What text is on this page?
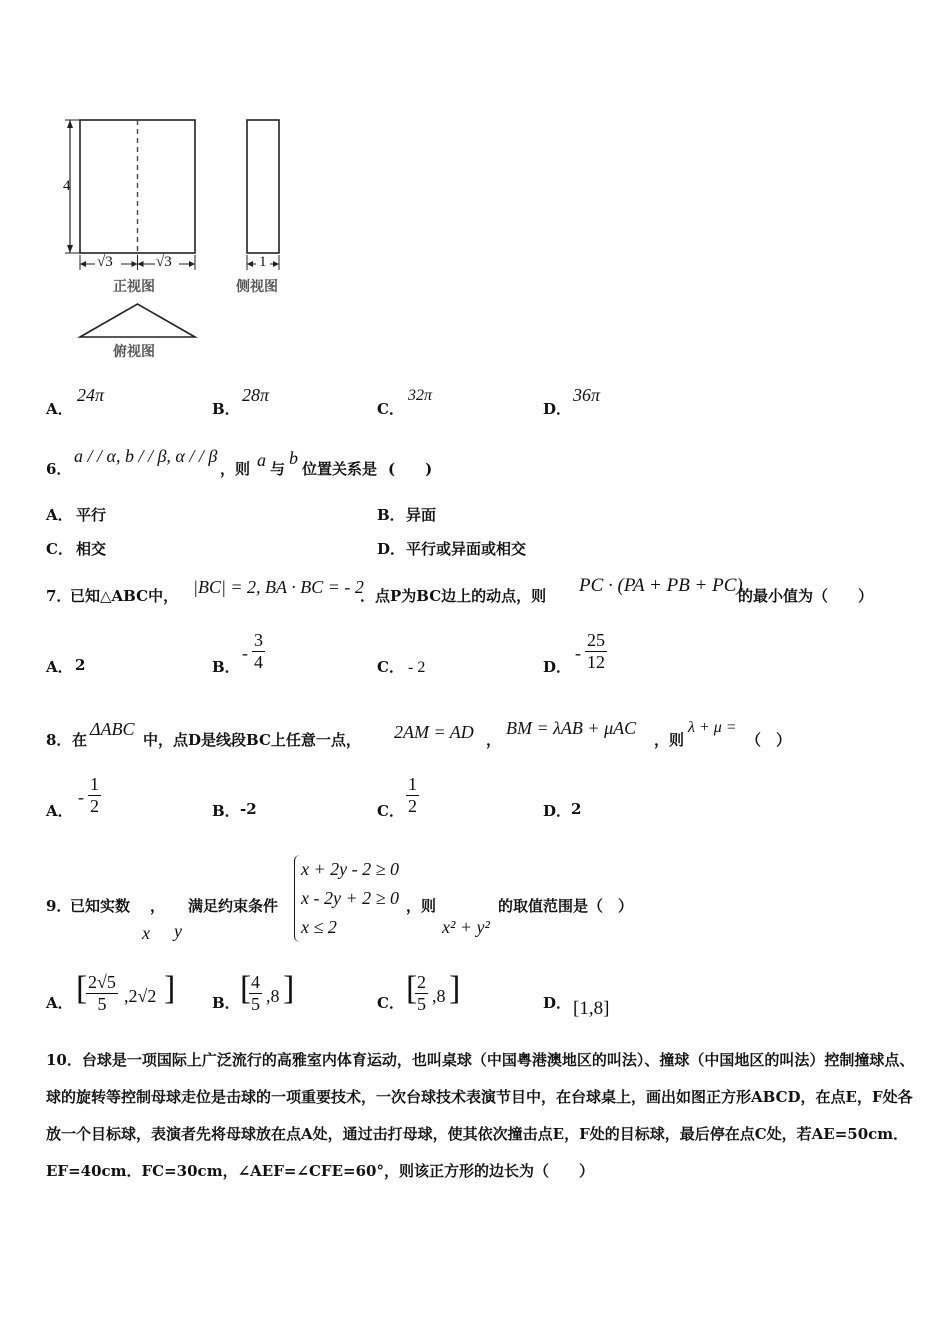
4
√3	√3	1
正视图	侧视图
俯视图
A．
24π
B．
28π
C．
32π
D．
36π
6．
a / / α, b / / β, α / / β
，则 a 与
b
位置关系是 (　　)
A． 平行	B． 异面
C． 相交	D． 平行或异面或相交
7．
已知△ABC中， |BC| = 2, BA · BC = - 2
．点P为BC边上的动点，则 PC · (PA + PB + PC)
的最小值为（　　）
A． 2	B．
- $\frac{3}{4}$	C． - 2	D．
- $\frac{25}{12}$
8． 在
ΔABC
中，点D是线段BC上任意一点， 2AM = AD ，
BM = λAB + μAC
，则
λ + μ =
（　）
A．
- $\frac{1}{2}$	B． -2	C． $\frac{1}{2}$	D． 2
9．
已知实数 ，
x y
满足约束条件
x + 2y - 2 ≥ 0
x - 2y + 2 ≥ 0
x ≤ 2
，则
x² + y²
的取值范围是（　）
A． [
$\frac{2√5}{5} ,2√2$ ] B． [
$\frac{4}{5} ,8$ ]	C． [
$\frac{2}{5} ,8$ ]	D． [1,8]
10．台球是一项国际上广泛流行的高雅室内体育运动，也叫桌球（中国粤港澳地区的叫法）、撞球（中国地区的叫法）控制撞球点、球的旋转等控制母球走位是击球的一项重要技术，一次台球技术表演节目中，在台球桌上，画出如图正方形ABCD，在点E，F处各放一个目标球，表演者先将母球放在点A处，通过击打母球，使其依次撞击点E，F处的目标球，最后停在点C处，若AE=50cm．EF=40cm．FC=30cm，∠AEF=∠CFE=60°，则该正方形的边长为（　　）
